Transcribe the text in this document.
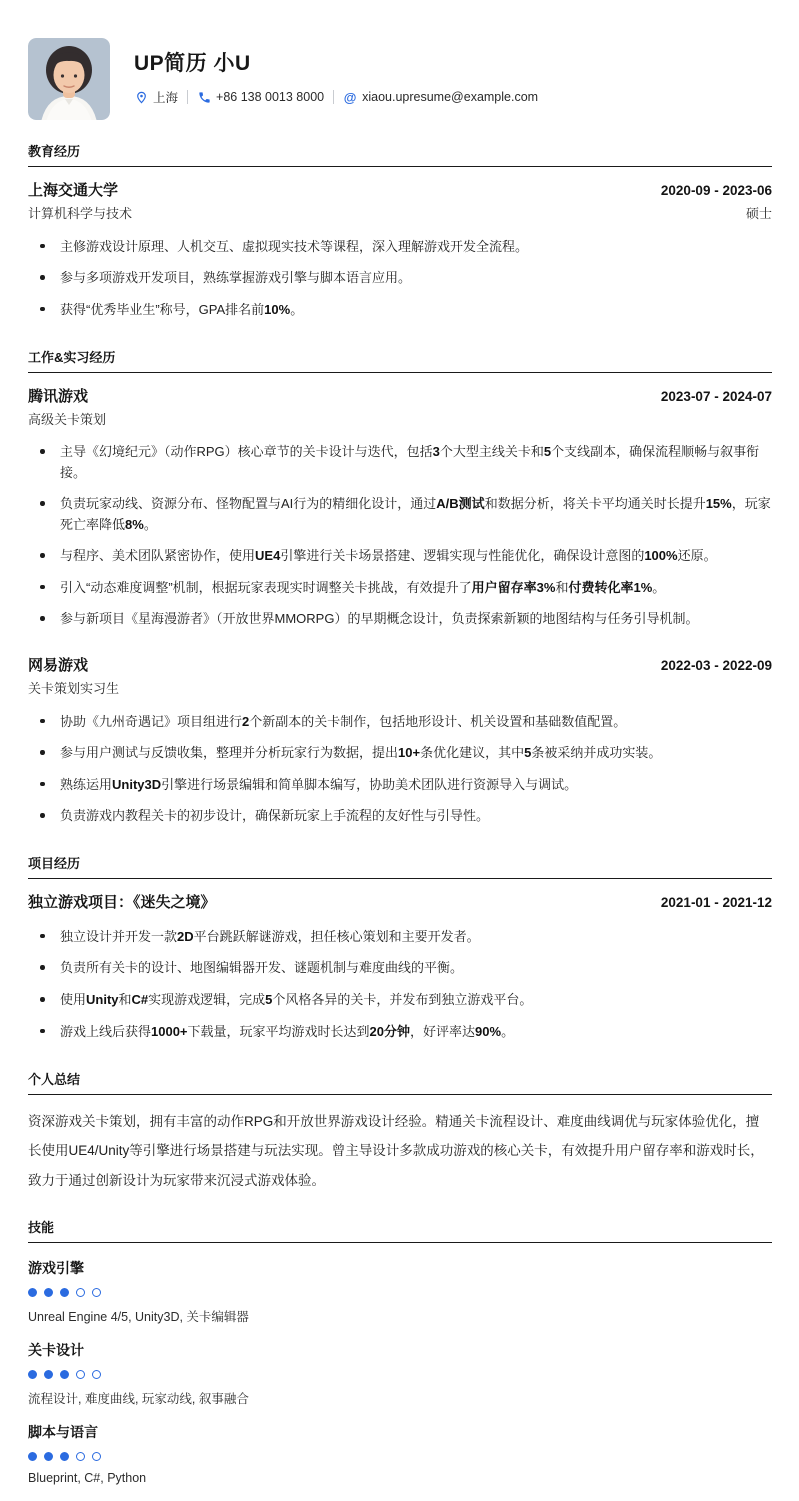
UP简历 小U
上海	+86 138 0013 8000 @ xiaou.upresume@example.com
教育经历
上海交通大学	2020-09 - 2023-06
计算机科学与技术	硕士
主修游戏设计原理、人机交互、虚拟现实技术等课程，深入理解游戏开发全流程。
参与多项游戏开发项目，熟练掌握游戏引擎与脚本语言应用。
获得“优秀毕业生”称号，GPA排名前10%。
工作&实习经历
腾讯游戏	2023-07 - 2024-07
高级关卡策划
主导《幻境纪元》（动作RPG）核心章节的关卡设计与迭代，包括3个大型主线关卡和5个支线副本，确保流程顺畅与叙事衔接。
负责玩家动线、资源分布、怪物配置与AI行为的精细化设计，通过A/B测试和数据分析，将关卡平均通关时长提升15%，玩家死亡率降低8%。
与程序、美术团队紧密协作，使用UE4引擎进行关卡场景搭建、逻辑实现与性能优化，确保设计意图的100%还原。
引入“动态难度调整”机制，根据玩家表现实时调整关卡挑战，有效提升了用户留存率3%和付费转化率1%。
参与新项目《星海漫游者》（开放世界MMORPG）的早期概念设计，负责探索新颖的地图结构与任务引导机制。
网易游戏	2022-03 - 2022-09
关卡策划实习生
协助《九州奇遇记》项目组进行2个新副本的关卡制作，包括地形设计、机关设置和基础数值配置。
参与用户测试与反馈收集，整理并分析玩家行为数据，提出10+条优化建议，其中5条被采纳并成功实装。
熟练运用Unity3D引擎进行场景编辑和简单脚本编写，协助美术团队进行资源导入与调试。
负责游戏内教程关卡的初步设计，确保新玩家上手流程的友好性与引导性。
项目经历
独立游戏项目：《迷失之境》	2021-01 - 2021-12
独立设计并开发一款2D平台跳跃解谜游戏，担任核心策划和主要开发者。
负责所有关卡的设计、地图编辑器开发、谜题机制与难度曲线的平衡。
使用Unity和C#实现游戏逻辑，完成5个风格各异的关卡，并发布到独立游戏平台。
游戏上线后获得1000+下载量，玩家平均游戏时长达到20分钟，好评率达90%。
个人总结
资深游戏关卡策划，拥有丰富的动作RPG和开放世界游戏设计经验。精通关卡流程设计、难度曲线调优与玩家体验优化，擅长使用UE4/Unity等引擎进行场景搭建与玩法实现。曾主导设计多款成功游戏的核心关卡，有效提升用户留存率和游戏时长，致力于通过创新设计为玩家带来沉浸式游戏体验。
技能
游戏引擎
Unreal Engine 4/5, Unity3D, 关卡编辑器
关卡设计
流程设计, 难度曲线, 玩家动线, 叙事融合
脚本与语言
Blueprint, C#, Python
